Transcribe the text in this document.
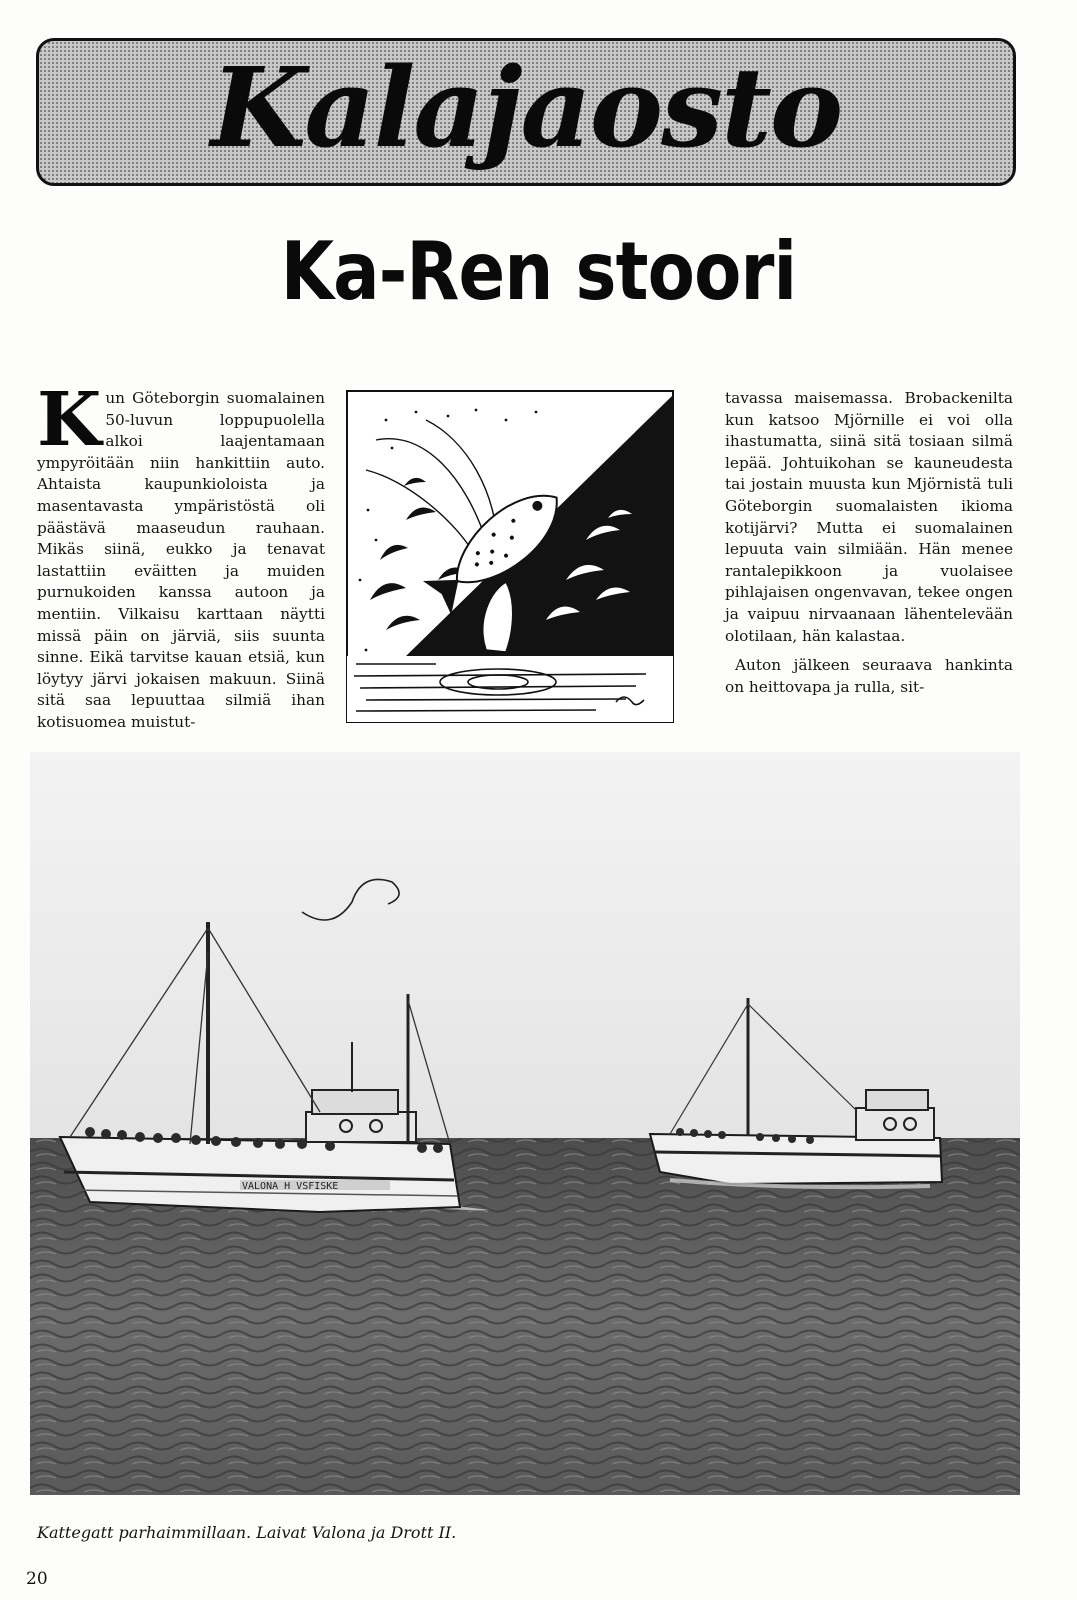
Kalajaosto
Ka-Ren stoori

Kun Göteborgin suomalainen 50-luvun loppupuolella alkoi laajentamaan ympyröitään niin hankittiin auto. Ahtaista kaupunkioloista ja masentavasta ympäristöstä oli päästävä maaseudun rauhaan. Mikäs siinä, eukko ja tenavat lastattiin eväitten ja muiden purnukoiden kanssa autoon ja mentiin. Vilkaisu karttaan näytti missä päin on järviä, siis suunta sinne. Eikä tarvitse kauan etsiä, kun löytyy järvi jokaisen makuun. Siinä sitä saa lepuuttaa silmiä ihan kotisuomea muistut-

tavassa maisemassa. Brobackenilta kun katsoo Mjörnille ei voi olla ihastumatta, siinä sitä tosiaan silmä lepää. Johtuikohan se kauneudesta tai jostain muusta kun Mjörnistä tuli Göteborgin suomalaisten ikioma kotijärvi? Mutta ei suomalainen lepuuta vain silmiään. Hän menee rantalepikkoon ja vuolaisee pihlajaisen ongenvavan, tekee ongen ja vaipuu nirvaanaan lähentelevään olotilaan, hän kalastaa.

Auton jälkeen seuraava hankinta on heittovapa ja rulla, sit-

VALONA H VSFISKE
Kattegatt parhaimmillaan. Laivat Valona ja Drott II.
20
